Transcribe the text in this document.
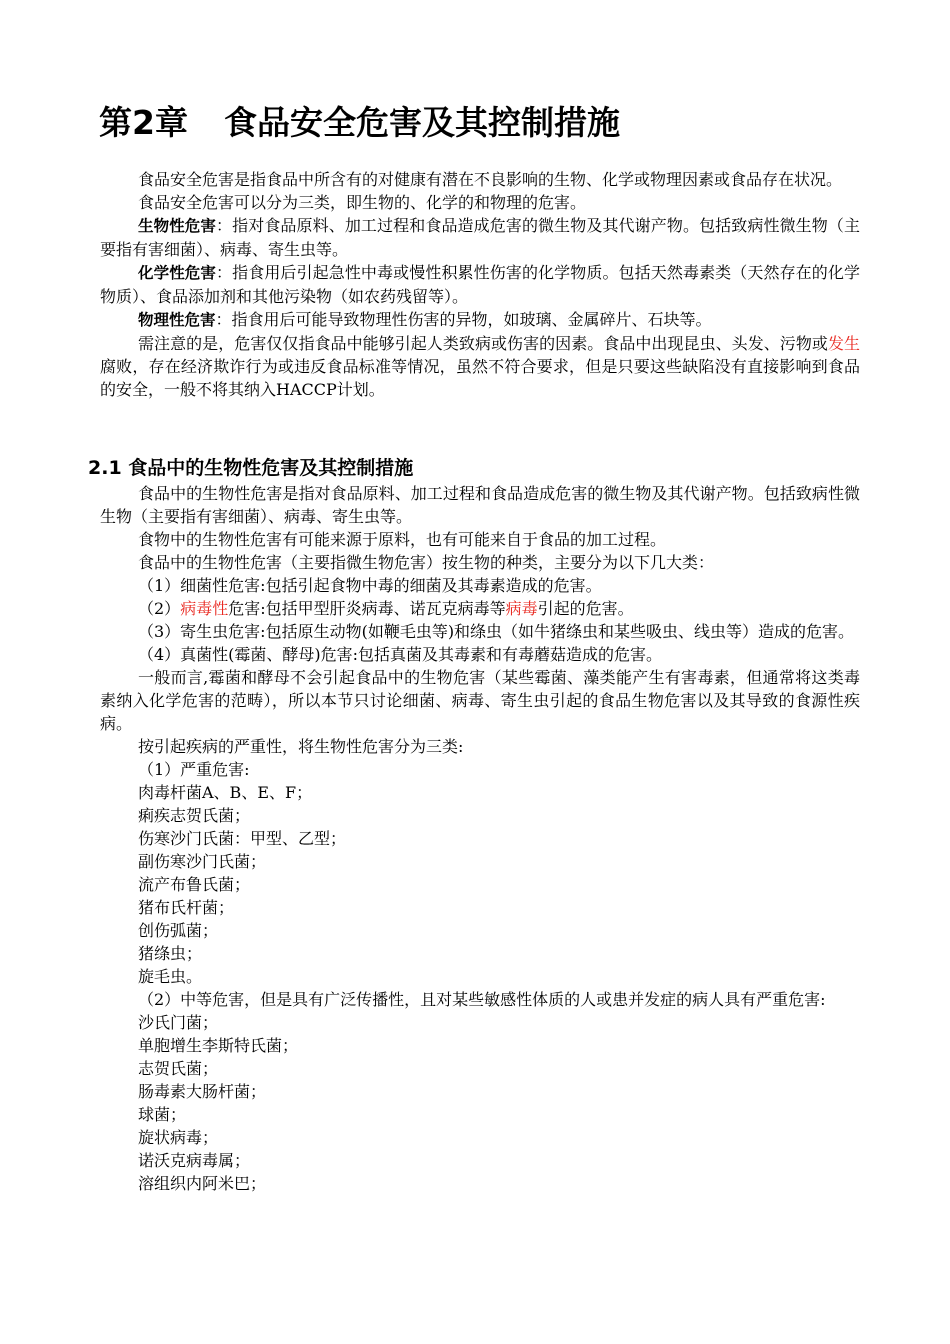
第2章 食品安全危害及其控制措施

食品安全危害是指食品中所含有的对健康有潜在不良影响的生物、化学或物理因素或食品存在状况。

食品安全危害可以分为三类，即生物的、化学的和物理的危害。

生物性危害：指对食品原料、加工过程和食品造成危害的微生物及其代谢产物。包括致病性微生物（主要指有害细菌）、病毒、寄生虫等。

化学性危害：指食用后引起急性中毒或慢性积累性伤害的化学物质。包括天然毒素类（天然存在的化学物质）、食品添加剂和其他污染物（如农药残留等）。

物理性危害：指食用后可能导致物理性伤害的异物，如玻璃、金属碎片、石块等。

需注意的是，危害仅仅指食品中能够引起人类致病或伤害的因素。食品中出现昆虫、头发、污物或发生腐败，存在经济欺诈行为或违反食品标准等情况，虽然不符合要求，但是只要这些缺陷没有直接影响到食品的安全，一般不将其纳入HACCP计划。

2.1 食品中的生物性危害及其控制措施

食品中的生物性危害是指对食品原料、加工过程和食品造成危害的微生物及其代谢产物。包括致病性微生物（主要指有害细菌）、病毒、寄生虫等。

食物中的生物性危害有可能来源于原料，也有可能来自于食品的加工过程。

食品中的生物性危害（主要指微生物危害）按生物的种类，主要分为以下几大类：

（1）细菌性危害:包括引起食物中毒的细菌及其毒素造成的危害。

（2）病毒性危害:包括甲型肝炎病毒、诺瓦克病毒等病毒引起的危害。

（3）寄生虫危害:包括原生动物(如鞭毛虫等)和绦虫（如牛猪绦虫和某些吸虫、线虫等）造成的危害。

（4）真菌性(霉菌、酵母)危害:包括真菌及其毒素和有毒蘑菇造成的危害。

一般而言,霉菌和酵母不会引起食品中的生物危害（某些霉菌、藻类能产生有害毒素，但通常将这类毒素纳入化学危害的范畴），所以本节只讨论细菌、病毒、寄生虫引起的食品生物危害以及其导致的食源性疾病。

按引起疾病的严重性，将生物性危害分为三类:

（1）严重危害:

肉毒杆菌A、B、E、F；

痢疾志贺氏菌；

伤寒沙门氏菌：甲型、乙型；

副伤寒沙门氏菌；

流产布鲁氏菌；

猪布氏杆菌；

创伤弧菌；

猪绦虫；

旋毛虫。

（2）中等危害，但是具有广泛传播性，且对某些敏感性体质的人或患并发症的病人具有严重危害:

沙氏门菌；

单胞增生李斯特氏菌；

志贺氏菌；

肠毒素大肠杆菌；

球菌；

旋状病毒；

诺沃克病毒属；

溶组织内阿米巴；
